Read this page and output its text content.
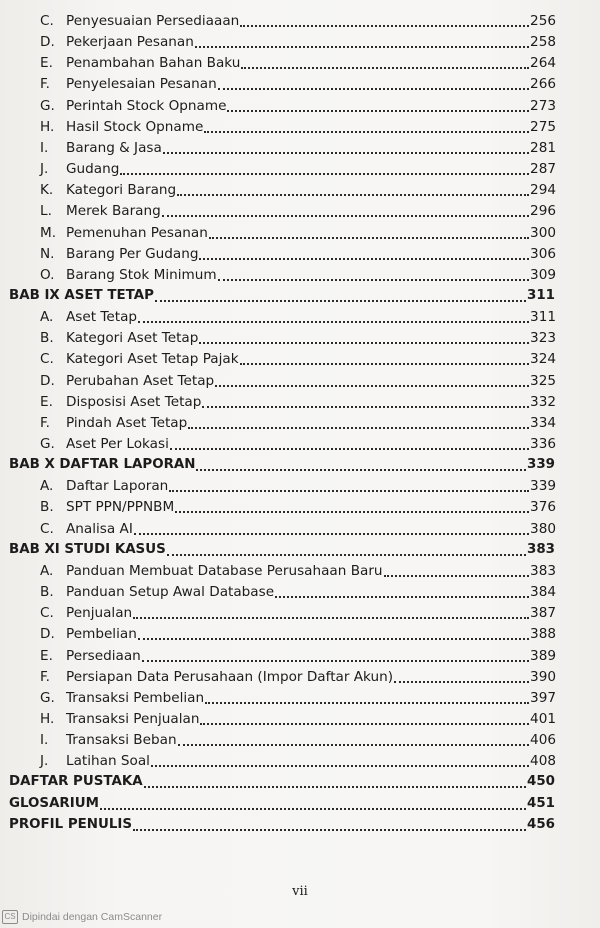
C. Penyesuaian Persediaaan	256
D. Pekerjaan Pesanan	258
E. Penambahan Bahan Baku	264
F.	Penyelesaian Pesanan	266
G. Perintah Stock Opname	273
H. Hasil Stock Opname	275
I.	Barang & Jasa	281
J.	Gudang	287
K. Kategori Barang	294
L.	Merek Barang	296
M. Pemenuhan Pesanan	300
N. Barang Per Gudang	306
O. Barang Stok Minimum	309
BAB IX ASET TETAP	311
A. Aset Tetap	311
B. Kategori Aset Tetap	323
C. Kategori Aset Tetap Pajak	324
D. Perubahan Aset Tetap	325
E. Disposisi Aset Tetap	332
F.	Pindah Aset Tetap	334
G. Aset Per Lokasi	336
BAB X DAFTAR LAPORAN	339
A. Daftar Laporan	339
B. SPT PPN/PPNBM	376
C. Analisa AI	380
BAB XI STUDI KASUS	383
A. Panduan Membuat Database Perusahaan Baru	383
B. Panduan Setup Awal Database	384
C. Penjualan	387
D. Pembelian	388
E. Persediaan	389
F.	Persiapan Data Perusahaan (Impor Daftar Akun)	390
G. Transaksi Pembelian	397
H. Transaksi Penjualan	401
I.	Transaksi Beban	406
J.	Latihan Soal	408
DAFTAR PUSTAKA	450
GLOSARIUM	451
PROFIL PENULIS	456
vii
CS Dipindai dengan CamScanner
